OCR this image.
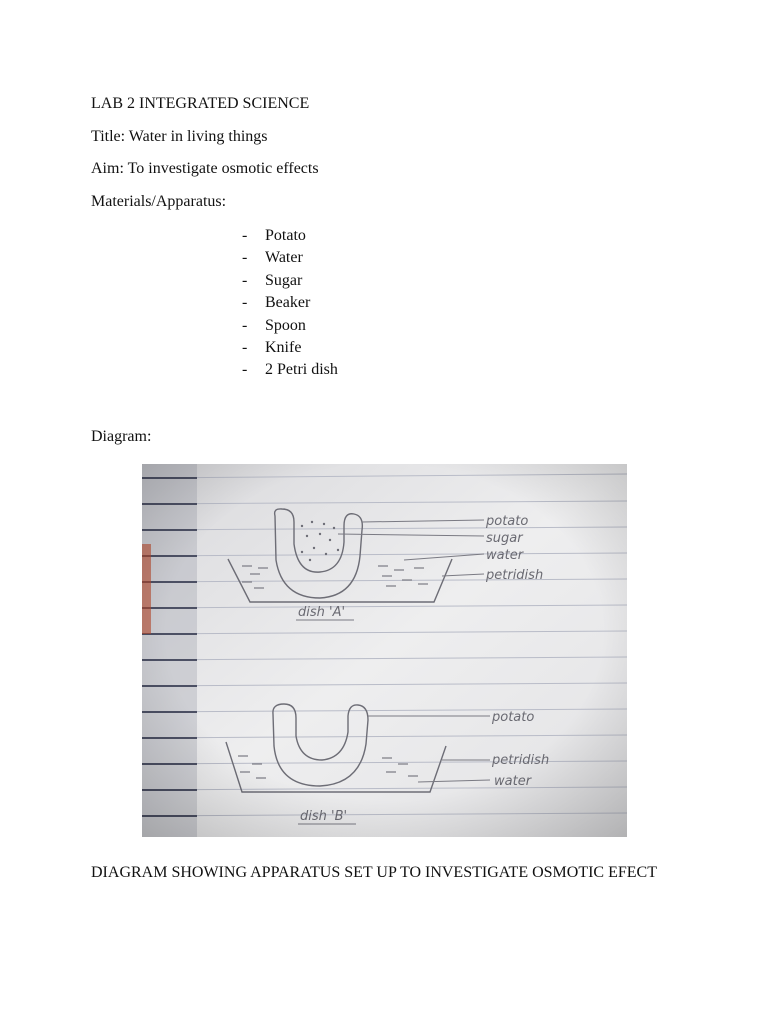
LAB 2 INTEGRATED SCIENCE
Title: Water in living things
Aim: To investigate osmotic effects
Materials/Apparatus:
-	Potato
-	Water
-	Sugar
-	Beaker
-	Spoon
-	Knife
-	2 Petri dish
Diagram:
DIAGRAM SHOWING APPARATUS SET UP TO INVESTIGATE OSMOTIC EFECT
